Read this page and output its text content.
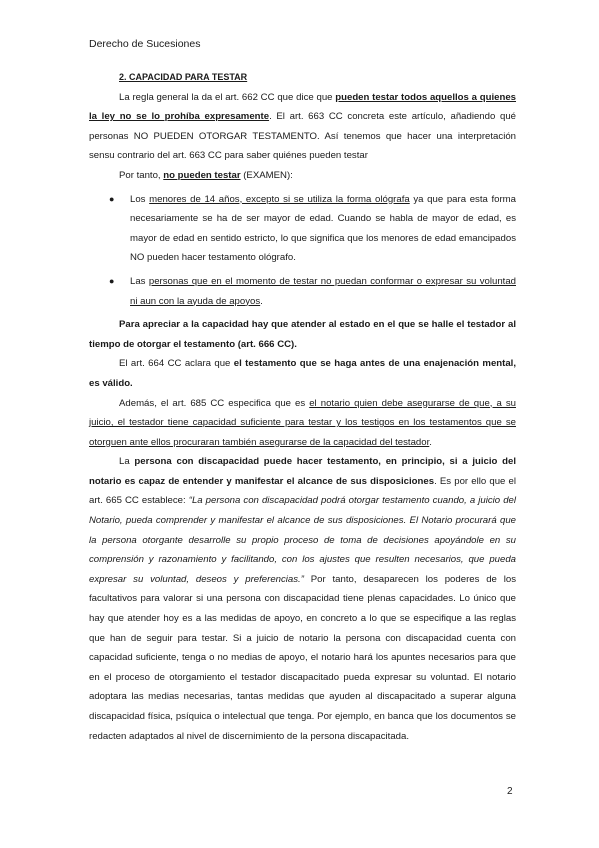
Derecho de Sucesiones

2. CAPACIDAD PARA TESTAR

La regla general la da el art. 662 CC que dice que pueden testar todos aquellos a quienes la ley no se lo prohíba expresamente. El art. 663 CC concreta este artículo, añadiendo qué personas NO PUEDEN OTORGAR TESTAMENTO. Así tenemos que hacer una interpretación sensu contrario del art. 663 CC para saber quiénes pueden testar

Por tanto, no pueden testar (EXAMEN):

● Los menores de 14 años, excepto si se utiliza la forma ológrafa ya que para esta forma necesariamente se ha de ser mayor de edad. Cuando se habla de mayor de edad, es mayor de edad en sentido estricto, lo que significa que los menores de edad emancipados NO pueden hacer testamento ológrafo.
● Las personas que en el momento de testar no puedan conformar o expresar su voluntad ni aun con la ayuda de apoyos.

Para apreciar a la capacidad hay que atender al estado en el que se halle el testador al tiempo de otorgar el testamento (art. 666 CC).

El art. 664 CC aclara que el testamento que se haga antes de una enajenación mental, es válido.

Además, el art. 685 CC especifica que es el notario quien debe asegurarse de que, a su juicio, el testador tiene capacidad suficiente para testar y los testigos en los testamentos que se otorguen ante ellos procuraran también asegurarse de la capacidad del testador.

La persona con discapacidad puede hacer testamento, en principio, si a juicio del notario es capaz de entender y manifestar el alcance de sus disposiciones. Es por ello que el art. 665 CC establece: “La persona con discapacidad podrá otorgar testamento cuando, a juicio del Notario, pueda comprender y manifestar el alcance de sus disposiciones. El Notario procurará que la persona otorgante desarrolle su propio proceso de toma de decisiones apoyándole en su comprensión y razonamiento y facilitando, con los ajustes que resulten necesarios, que pueda expresar su voluntad, deseos y preferencias.” Por tanto, desaparecen los poderes de los facultativos para valorar si una persona con discapacidad tiene plenas capacidades. Lo único que hay que atender hoy es a las medidas de apoyo, en concreto a lo que se especifique a las reglas que han de seguir para testar. Si a juicio de notario la persona con discapacidad cuenta con capacidad suficiente, tenga o no medias de apoyo, el notario hará los apuntes necesarios para que en el proceso de otorgamiento el testador discapacitado pueda expresar su voluntad. El notario adoptara las medias necesarias, tantas medidas que ayuden al discapacitado a superar alguna discapacidad física, psíquica o intelectual que tenga. Por ejemplo, en banca que los documentos se redacten adaptados al nivel de discernimiento de la persona discapacitada.

2
